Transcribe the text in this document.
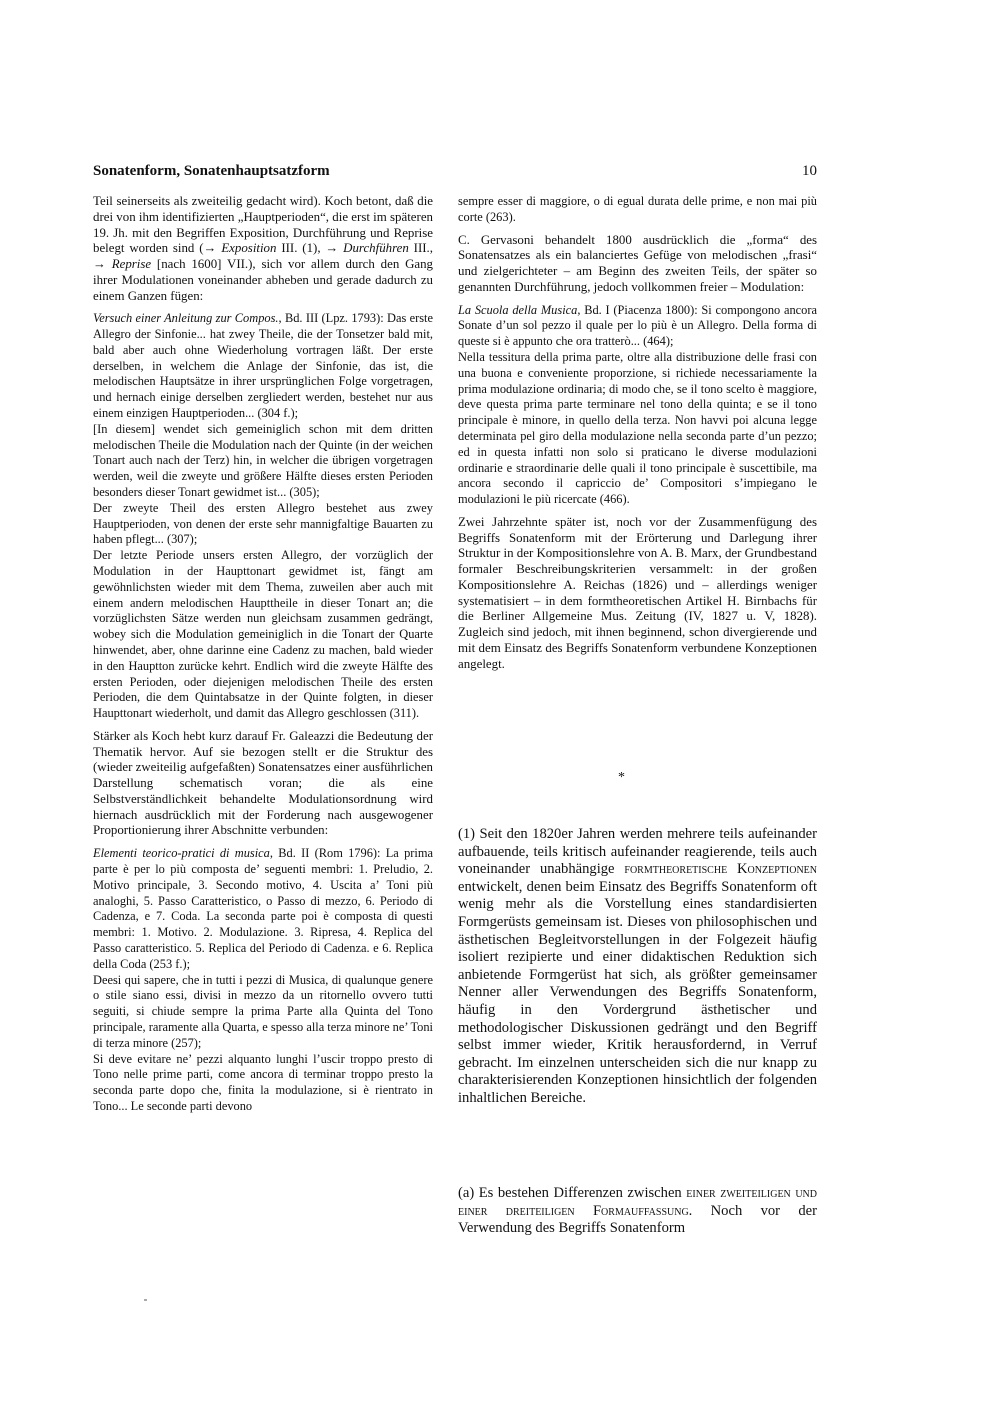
Sonatenform, Sonatenhauptsatzform	10

Teil seinerseits als zweiteilig gedacht wird). Koch betont, daß die drei von ihm identifizierten „Hauptperioden“, die erst im späteren 19. Jh. mit den Begriffen Exposition, Durchführung und Reprise belegt worden sind (→ Exposition III. (1), → Durchführen III., → Reprise [nach 1600] VII.), sich vor allem durch den Gang ihrer Modulationen voneinander abheben und gerade dadurch zu einem Ganzen fügen:

Versuch einer Anleitung zur Compos., Bd. III (Lpz. 1793): Das erste Allegro der Sinfonie... hat zwey Theile, die der Tonsetzer bald mit, bald aber auch ohne Wiederholung vortragen läßt. Der erste derselben, in welchem die Anlage der Sinfonie, das ist, die melodischen Hauptsätze in ihrer ursprünglichen Folge vorgetragen, und hernach einige derselben zergliedert werden, bestehet nur aus einem einzigen Hauptperioden... (304 f.);

[In diesem] wendet sich gemeiniglich schon mit dem dritten melodischen Theile die Modulation nach der Quinte (in der weichen Tonart auch nach der Terz) hin, in welcher die übrigen vorgetragen werden, weil die zweyte und größere Hälfte dieses ersten Perioden besonders dieser Tonart gewidmet ist... (305);

Der zweyte Theil des ersten Allegro bestehet aus zwey Hauptperioden, von denen der erste sehr mannigfaltige Bauarten zu haben pflegt... (307);

Der letzte Periode unsers ersten Allegro, der vorzüglich der Modulation in der Haupttonart gewidmet ist, fängt am gewöhnlichsten wieder mit dem Thema, zuweilen aber auch mit einem andern melodischen Haupttheile in dieser Tonart an; die vorzüglichsten Sätze werden nun gleichsam zusammen gedrängt, wobey sich die Modulation gemeiniglich in die Tonart der Quarte hinwendet, aber, ohne darinne eine Cadenz zu machen, bald wieder in den Hauptton zurücke kehrt. Endlich wird die zweyte Hälfte des ersten Perioden, oder diejenigen melodischen Theile des ersten Perioden, die dem Quintabsatze in der Quinte folgten, in dieser Haupttonart wiederholt, und damit das Allegro geschlossen (311).

Stärker als Koch hebt kurz darauf Fr. Galeazzi die Bedeutung der Thematik hervor. Auf sie bezogen stellt er die Struktur des (wieder zweiteilig aufgefaßten) Sonatensatzes einer ausführlichen Darstellung schematisch voran; die als eine Selbstverständlichkeit behandelte Modulationsordnung wird hiernach ausdrücklich mit der Forderung nach ausgewogener Proportionierung ihrer Abschnitte verbunden:

Elementi teorico-pratici di musica, Bd. II (Rom 1796): La prima parte è per lo più composta de’ seguenti membri: 1. Preludio, 2. Motivo principale, 3. Secondo motivo, 4. Uscita a’ Toni più analoghi, 5. Passo Caratteristico, o Passo di mezzo, 6. Periodo di Cadenza, e 7. Coda. La seconda parte poi è composta di questi membri: 1. Motivo. 2. Modulazione. 3. Ripresa, 4. Replica del Passo caratteristico. 5. Replica del Periodo di Cadenza. e 6. Replica della Coda (253 f.);

Deesi qui sapere, che in tutti i pezzi di Musica, di qualunque genere o stile siano essi, divisi in mezzo da un ritornello ovvero tutti seguiti, si chiude sempre la prima Parte alla Quinta del Tono principale, raramente alla Quarta, e spesso alla terza minore ne’ Toni di terza minore (257);

Si deve evitare ne’ pezzi alquanto lunghi l’uscir troppo presto di Tono nelle prime parti, come ancora di terminar troppo presto la seconda parte dopo che, finita la modulazione, si è rientrato in Tono... Le seconde parti devono

sempre esser di maggiore, o di egual durata delle prime, e non mai più corte (263).

C. Gervasoni behandelt 1800 ausdrücklich die „forma“ des Sonatensatzes als ein balanciertes Gefüge von melodischen „frasi“ und zielgerichteter – am Beginn des zweiten Teils, der später so genannten Durchführung, jedoch vollkommen freier – Modulation:

La Scuola della Musica, Bd. I (Piacenza 1800): Si compongono ancora Sonate d’un sol pezzo il quale per lo più è un Allegro. Della forma di queste si è appunto che ora tratterò... (464);

Nella tessitura della prima parte, oltre alla distribuzione delle frasi con una buona e conveniente proporzione, si richiede necessariamente la prima modulazione ordinaria; di modo che, se il tono scelto è maggiore, deve questa prima parte terminare nel tono della quinta; e se il tono principale è minore, in quello della terza. Non havvi poi alcuna legge determinata pel giro della modulazione nella seconda parte d’un pezzo; ed in questa infatti non solo si praticano le diverse modulazioni ordinarie e straordinarie delle quali il tono principale è suscettibile, ma ancora secondo il capriccio de’ Compositori s’impiegano le modulazioni le più ricercate (466).

Zwei Jahrzehnte später ist, noch vor der Zusammenfügung des Begriffs Sonatenform mit der Erörterung und Darlegung ihrer Struktur in der Kompositionslehre von A. B. Marx, der Grundbestand formaler Beschreibungskriterien versammelt: in der großen Kompositionslehre A. Reichas (1826) und – allerdings weniger systematisiert – in dem formtheoretischen Artikel H. Birnbachs für die Berliner Allgemeine Mus. Zeitung (IV, 1827 u. V, 1828). Zugleich sind jedoch, mit ihnen beginnend, schon divergierende und mit dem Einsatz des Begriffs Sonatenform verbundene Konzeptionen angelegt.

*

(1) Seit den 1820er Jahren werden mehrere teils aufeinander aufbauende, teils kritisch aufeinander reagierende, teils auch voneinander unabhängige formtheoretische Konzeptionen entwickelt, denen beim Einsatz des Begriffs Sonatenform oft wenig mehr als die Vorstellung eines standardisierten Formgerüsts gemeinsam ist. Dieses von philosophischen und ästhetischen Begleitvorstellungen in der Folgezeit häufig isoliert rezipierte und einer didaktischen Reduktion sich anbietende Formgerüst hat sich, als größter gemeinsamer Nenner aller Verwendungen des Begriffs Sonatenform, häufig in den Vordergrund ästhetischer und methodologischer Diskussionen gedrängt und den Begriff selbst immer wieder, Kritik herausfordernd, in Verruf gebracht. Im einzelnen unterscheiden sich die nur knapp zu charakterisierenden Konzeptionen hinsichtlich der folgenden inhaltlichen Bereiche.

(a) Es bestehen Differenzen zwischen einer zweiteiligen und einer dreiteiligen Formauffassung. Noch vor der Verwendung des Begriffs Sonatenform
